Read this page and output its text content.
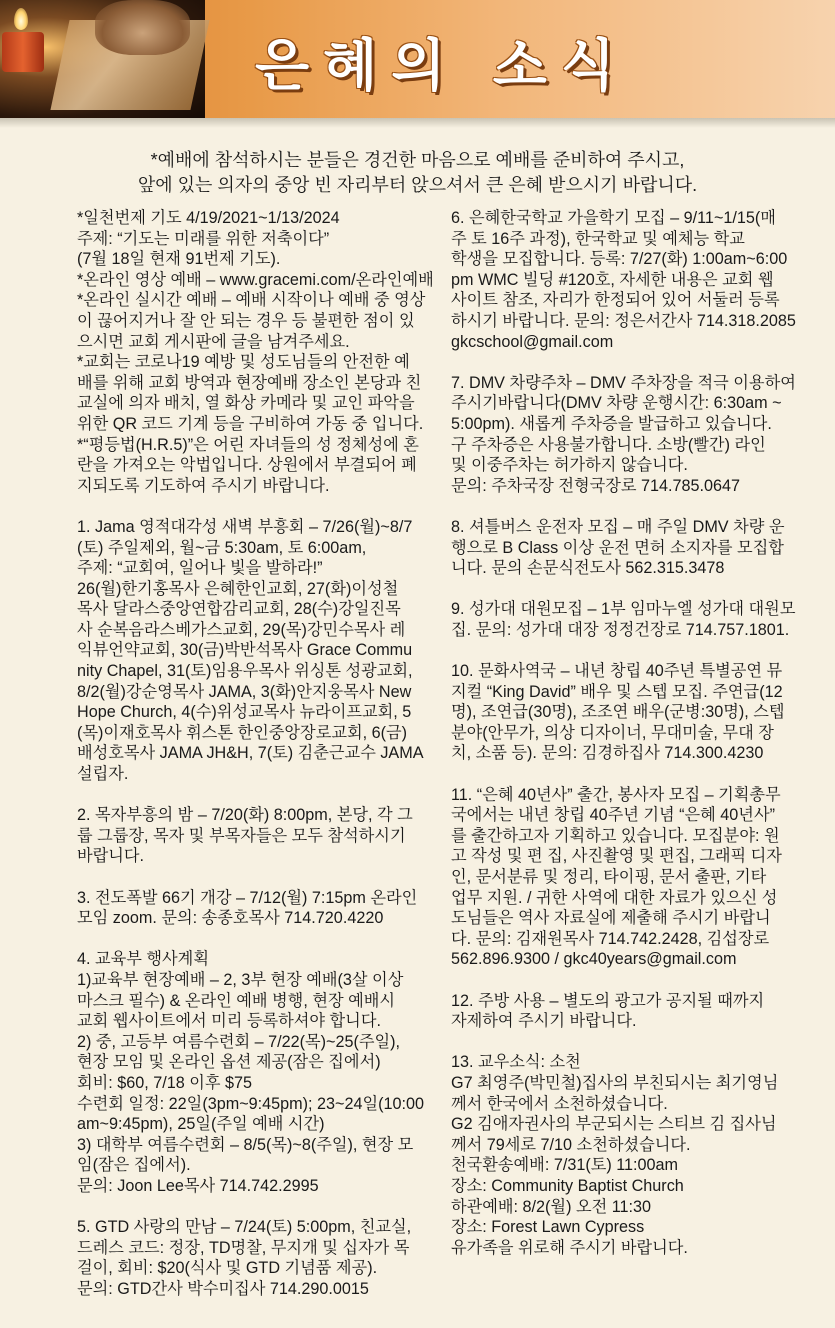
은혜의 소식
*예배에 참석하시는 분들은 경건한 마음으로 예배를 준비하여 주시고,
앞에 있는 의자의 중앙 빈 자리부터 앉으셔서 큰 은혜 받으시기 바랍니다.
*일천번제 기도 4/19/2021~1/13/2024
주제: “기도는 미래를 위한 저축이다”
(7월 18일 현재 91번제 기도).
*온라인 영상 예배 – www.gracemi.com/온라인예배
*온라인 실시간 예배 – 예배 시작이나 예배 중 영상
이 끊어지거나 잘 안 되는 경우 등 불편한 점이 있
으시면 교회 게시판에 글을 남겨주세요.
*교회는 코로나19 예방 및 성도님들의 안전한 예
배를 위해 교회 방역과 현장예배 장소인 본당과 친
교실에 의자 배치, 열 화상 카메라 및 교인 파악을
위한 QR 코드 기계 등을 구비하여 가동 중 입니다.
*“평등법(H.R.5)”은 어린 자녀들의 성 정체성에 혼
란을 가져오는 악법입니다. 상원에서 부결되어 폐
지되도록 기도하여 주시기 바랍니다.
1. Jama 영적대각성 새벽 부흥회 – 7/26(월)~8/7
(토) 주일제외, 월~금 5:30am, 토 6:00am,
주제: “교회여, 일어나 빛을 발하라!”
26(월)한기홍목사 은혜한인교회, 27(화)이성철
목사 달라스중앙연합감리교회, 28(수)강일진목
사 순복음라스베가스교회, 29(목)강민수목사 레
익뷰언약교회, 30(금)박반석목사 Grace Commu
nity Chapel, 31(토)임용우목사 위싱톤 성광교회,
8/2(월)강순영목사 JAMA, 3(화)안지웅목사 New
Hope Church, 4(수)위성교목사 뉴라이프교회, 5
(목)이재호목사 휘스톤 한인중앙장로교회, 6(금)
배성호목사 JAMA JH&H, 7(토) 김춘근교수 JAMA
설립자.
2. 목자부흥의 밤 – 7/20(화) 8:00pm, 본당, 각 그
룹 그룹장, 목자 및 부목자들은 모두 참석하시기
바랍니다.
3. 전도폭발 66기 개강 – 7/12(월) 7:15pm 온라인
모임 zoom. 문의: 송종호목사 714.720.4220
4. 교육부 행사계획
1)교육부 현장예배 – 2, 3부 현장 예배(3살 이상
마스크 필수) & 온라인 예배 병행, 현장 예배시
교회 웹사이트에서 미리 등록하셔야 합니다.
2) 중, 고등부 여름수련회 – 7/22(목)~25(주일),
현장 모임 및 온라인 옵션 제공(잠은 집에서)
회비: $60, 7/18 이후 $75
수련회 일정: 22일(3pm~9:45pm); 23~24일(10:00
am~9:45pm), 25일(주일 예배 시간)
3) 대학부 여름수련회 – 8/5(목)~8(주일), 현장 모
임(잠은 집에서).
문의: Joon Lee목사 714.742.2995
5. GTD 사랑의 만남 – 7/24(토) 5:00pm, 친교실,
드레스 코드: 정장, TD명찰, 무지개 및 십자가 목
걸이, 회비: $20(식사 및 GTD 기념품 제공).
문의: GTD간사 박수미집사 714.290.0015
6. 은혜한국학교 가을학기 모집 – 9/11~1/15(매
주 토 16주 과정), 한국학교 및 예체능 학교
학생을 모집합니다. 등록: 7/27(화) 1:00am~6:00
pm WMC 빌딩 #120호, 자세한 내용은 교회 웹
사이트 참조, 자리가 한정되어 있어 서둘러 등록
하시기 바랍니다. 문의: 정은서간사 714.318.2085
gkcschool@gmail.com
7. DMV 차량주차 – DMV 주차장을 적극 이용하여
주시기바랍니다(DMV 차량 운행시간: 6:30am ~
5:00pm). 새롭게 주차증을 발급하고 있습니다.
구 주차증은 사용불가합니다. 소방(빨간) 라인
및 이중주차는 허가하지 않습니다.
문의: 주차국장 전형국장로 714.785.0647
8. 셔틀버스 운전자 모집 – 매 주일 DMV 차량 운
행으로 B Class 이상 운전 면허 소지자를 모집합
니다. 문의 손문식전도사 562.315.3478
9. 성가대 대원모집 – 1부 임마누엘 성가대 대원모
집. 문의: 성가대 대장 정정건장로 714.757.1801.
10. 문화사역국 – 내년 창립 40주년 특별공연 뮤
지컬 “King David” 배우 및 스텝 모집. 주연급(12
명), 조연급(30명), 조조연 배우(군병:30명), 스텝
분야(안무가, 의상 디자이너, 무대미술, 무대 장
치, 소품 등). 문의: 김경하집사 714.300.4230
11. “은혜 40년사” 출간, 봉사자 모집 – 기획총무
국에서는 내년 창립 40주년 기념 “은혜 40년사”
를 출간하고자 기획하고 있습니다. 모집분야: 원
고 작성 및 편 집, 사진촬영 및 편집, 그래픽 디자
인, 문서분류 및 정리, 타이핑, 문서 출판, 기타
업무 지원. / 귀한 사역에 대한 자료가 있으신 성
도님들은 역사 자료실에 제출해 주시기 바랍니
다. 문의: 김재원목사 714.742.2428, 김섭장로
562.896.9300 / gkc40years@gmail.com
12. 주방 사용 – 별도의 광고가 공지될 때까지
자제하여 주시기 바랍니다.
13. 교우소식: 소천
G7 최영주(박민철)집사의 부친되시는 최기영님
께서 한국에서 소천하셨습니다.
G2 김애자권사의 부군되시는 스티브 김 집사님
께서 79세로 7/10 소천하셨습니다.
천국환송예배: 7/31(토) 11:00am
장소: Community Baptist Church
하관예배: 8/2(월) 오전 11:30
장소: Forest Lawn Cypress
유가족을 위로해 주시기 바랍니다.
